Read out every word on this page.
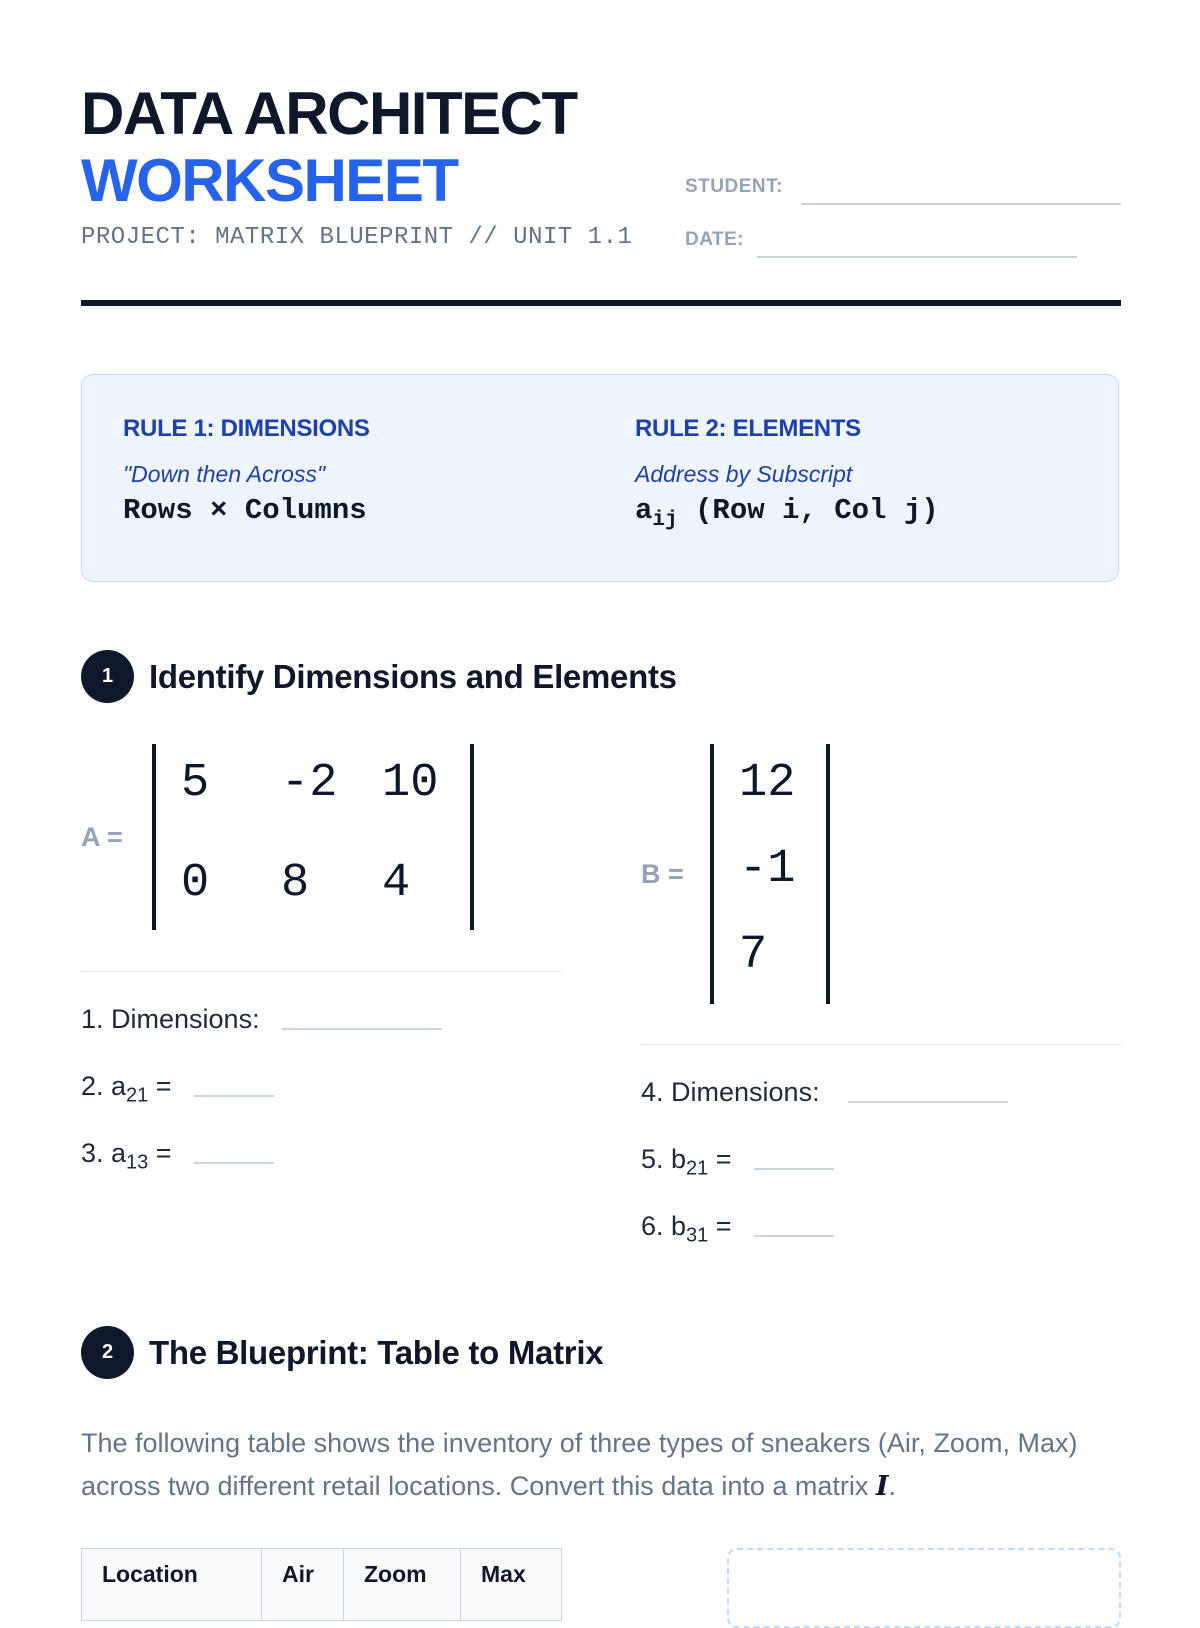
DATA ARCHITECT
WORKSHEET
PROJECT: MATRIX BLUEPRINT // UNIT 1.1
STUDENT:
DATE:
RULE 1: DIMENSIONS
"Down then Across"
Rows × Columns
RULE 2: ELEMENTS
Address by Subscript
$a_{ij}$ (Row i, Col j)
1	Identify Dimensions and Elements
A =
5 -2 10
0 8 4
1. Dimensions:
2. $a_{21}$ =
3. $a_{13}$ =
B =
12
-1
7
4. Dimensions:
5. $b_{21}$ =
6. $b_{31}$ =
2	The Blueprint: Table to Matrix
The following table shows the inventory of three types of sneakers (Air, Zoom, Max) across two different retail locations. Convert this data into a matrix I.
Location	Air	Zoom	Max
